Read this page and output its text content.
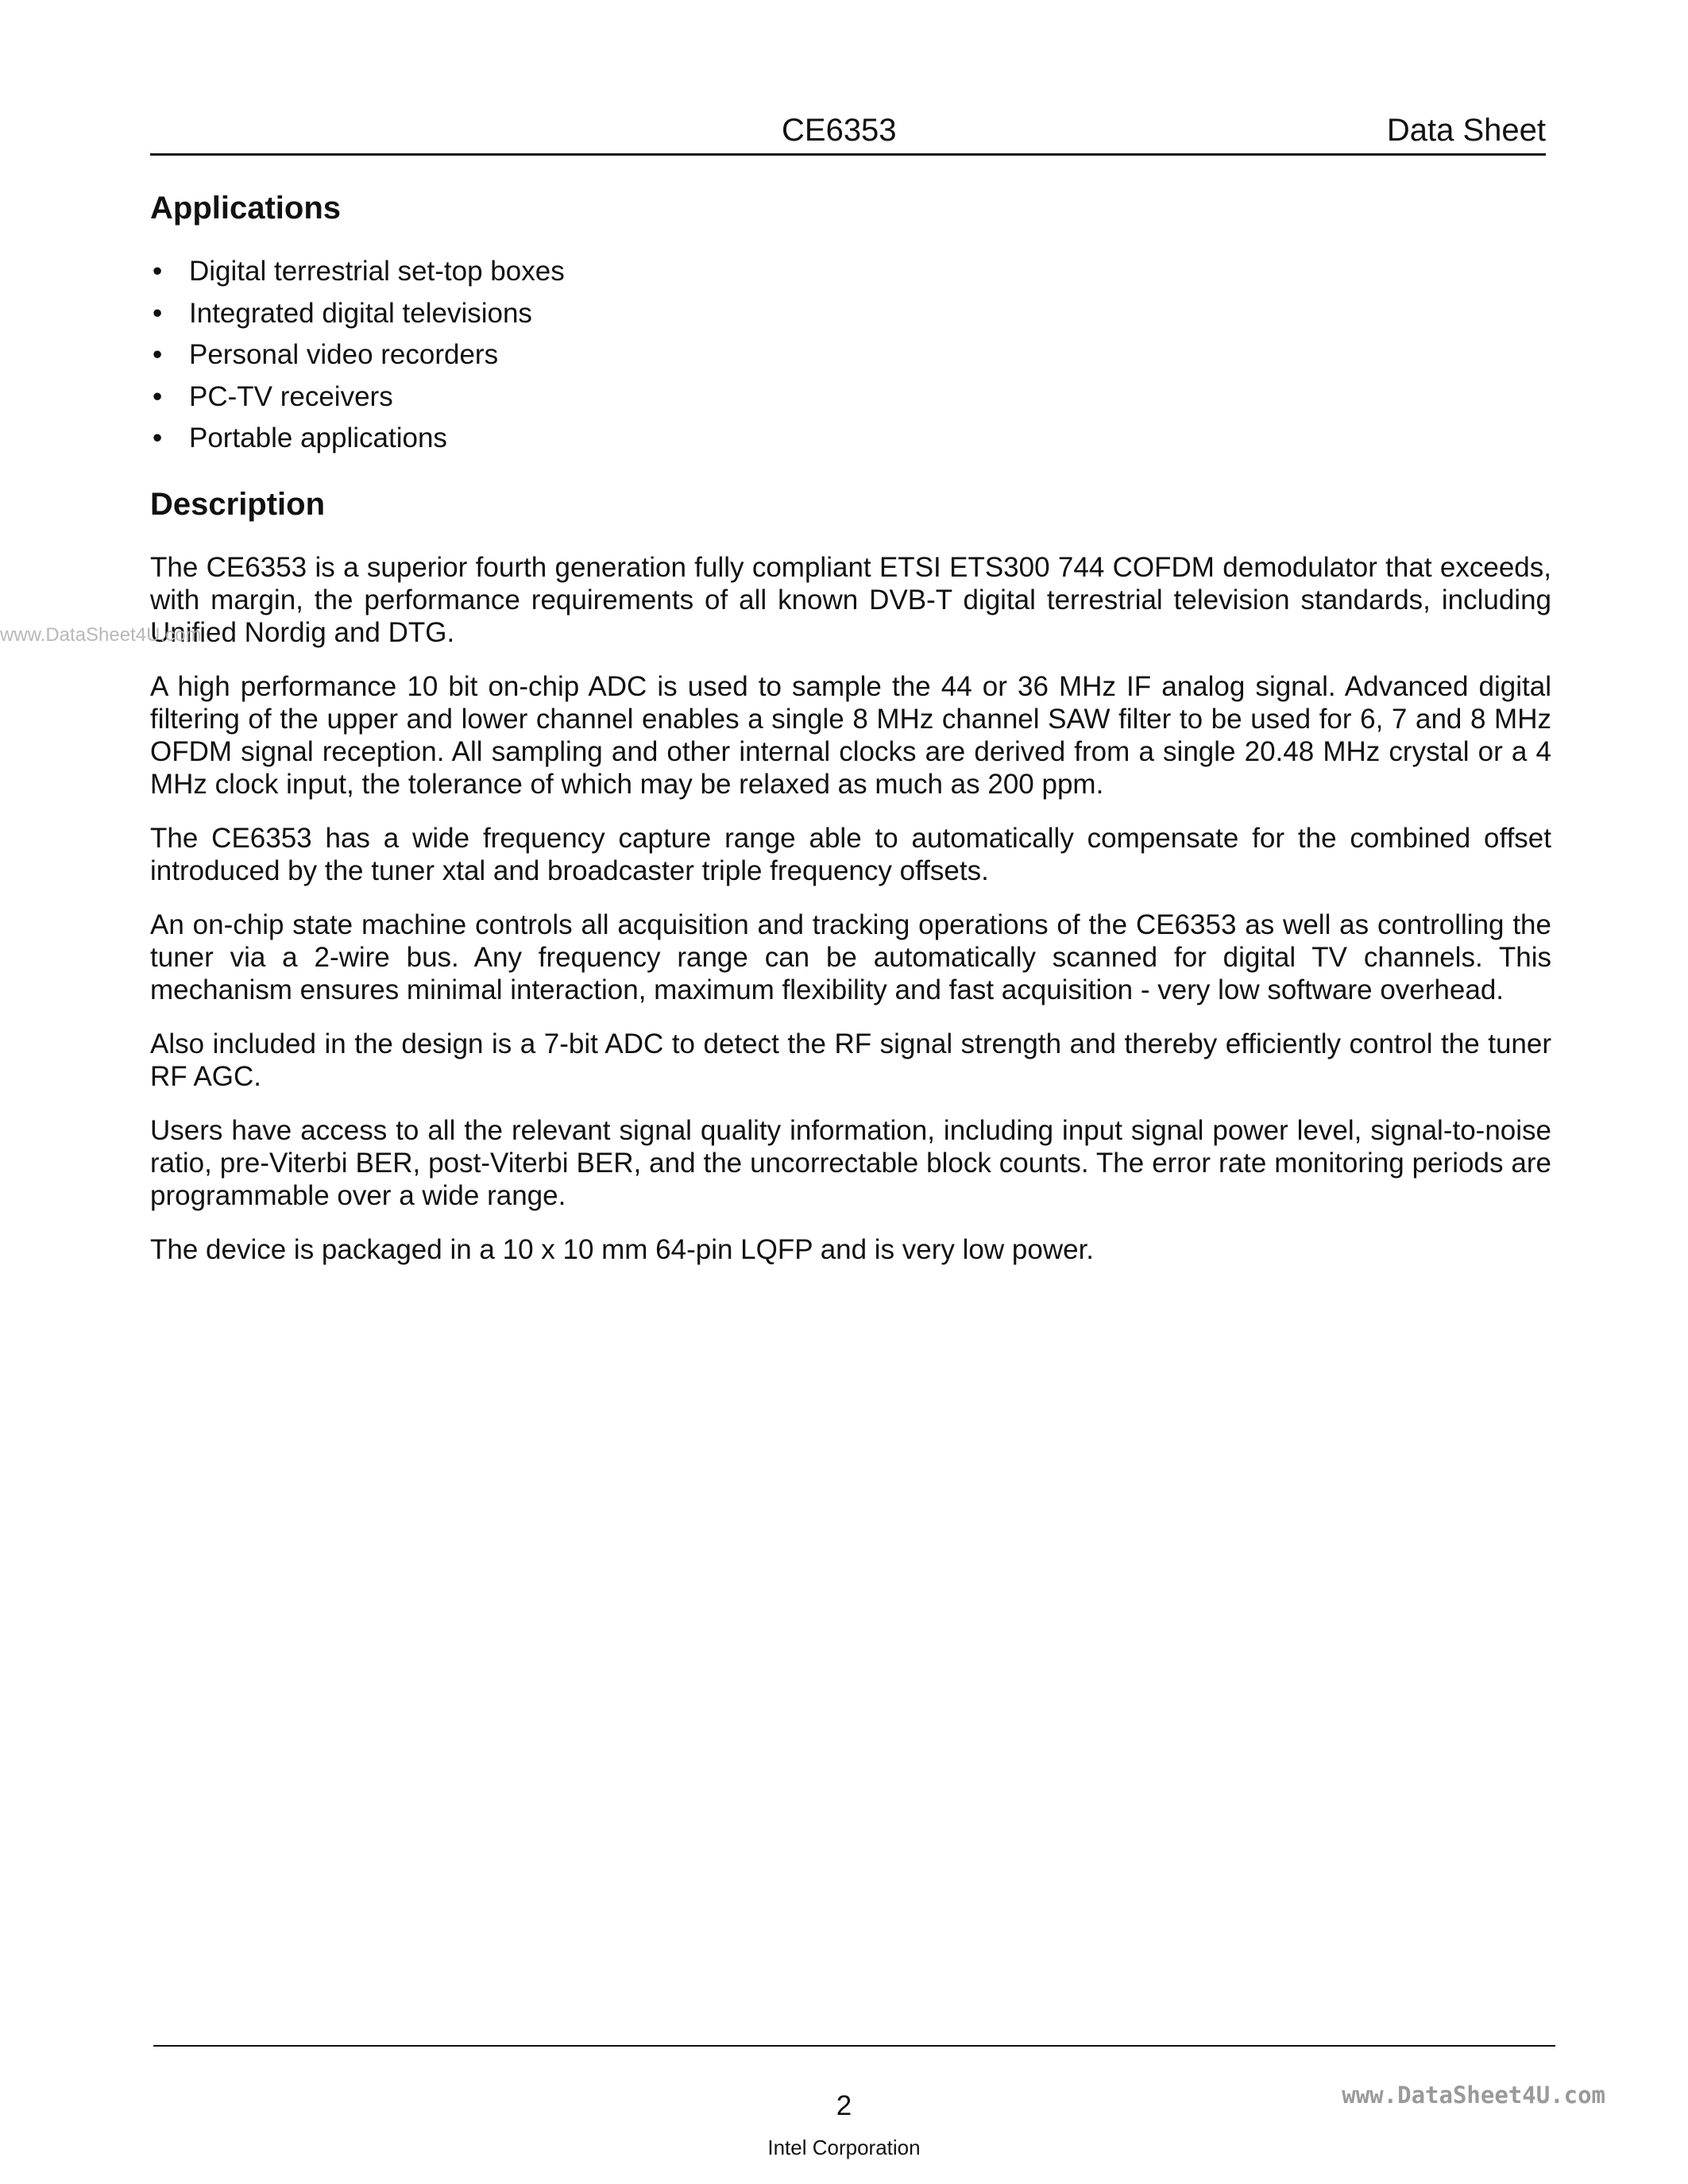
CE6353	Data Sheet
Applications
• Digital terrestrial set-top boxes
• Integrated digital televisions
• Personal video recorders
• PC-TV receivers
• Portable applications
Description

The CE6353 is a superior fourth generation fully compliant ETSI ETS300 744 COFDM demodulator that exceeds, with margin, the performance requirements of all known DVB-T digital terrestrial television standards, including Unified Nordig and DTG.

A high performance 10 bit on-chip ADC is used to sample the 44 or 36 MHz IF analog signal. Advanced digital filtering of the upper and lower channel enables a single 8 MHz channel SAW filter to be used for 6, 7 and 8 MHz OFDM signal reception. All sampling and other internal clocks are derived from a single 20.48 MHz crystal or a 4 MHz clock input, the tolerance of which may be relaxed as much as 200 ppm.

The CE6353 has a wide frequency capture range able to automatically compensate for the combined offset introduced by the tuner xtal and broadcaster triple frequency offsets.

An on-chip state machine controls all acquisition and tracking operations of the CE6353 as well as controlling the tuner via a 2-wire bus. Any frequency range can be automatically scanned for digital TV channels. This mechanism ensures minimal interaction, maximum flexibility and fast acquisition - very low software overhead.

Also included in the design is a 7-bit ADC to detect the RF signal strength and thereby efficiently control the tuner RF AGC.

Users have access to all the relevant signal quality information, including input signal power level, signal-to-noise ratio, pre-Viterbi BER, post-Viterbi BER, and the uncorrectable block counts. The error rate monitoring periods are programmable over a wide range.

The device is packaged in a 10 x 10 mm 64-pin LQFP and is very low power.

www.DataSheet4U.com
2
Intel Corporation
www.DataSheet4U.com
